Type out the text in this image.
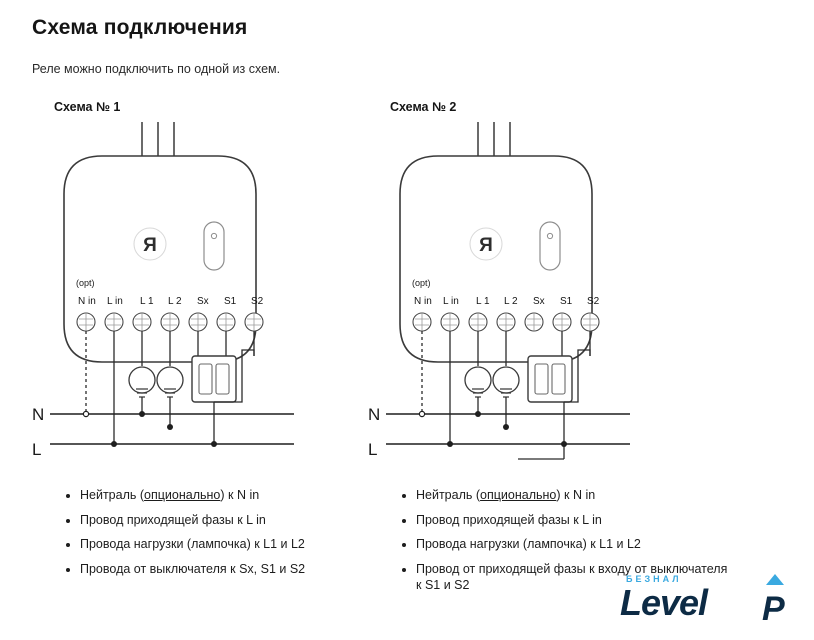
Схема подключения
Реле можно подключить по одной из схем.
Схема № 1
Я
(opt)
N in L in L 1 L 2 Sx S1 S2
N
L
Нейтраль (опционально) к N in
Провод приходящей фазы к L in
Провода нагрузки (лампочка) к L1 и L2
Провода от выключателя к Sx, S1 и S2
Схема № 2
Я
(opt)
N in L in L 1 L 2 Sx S1 S2
N
L
Нейтраль (опционально) к N in
Провод приходящей фазы к L in
Провода нагрузки (лампочка) к L1 и L2
Провод от приходящей фазы к входу от выключателя к S1 и S2	БЕЗНАЛ
Level P
